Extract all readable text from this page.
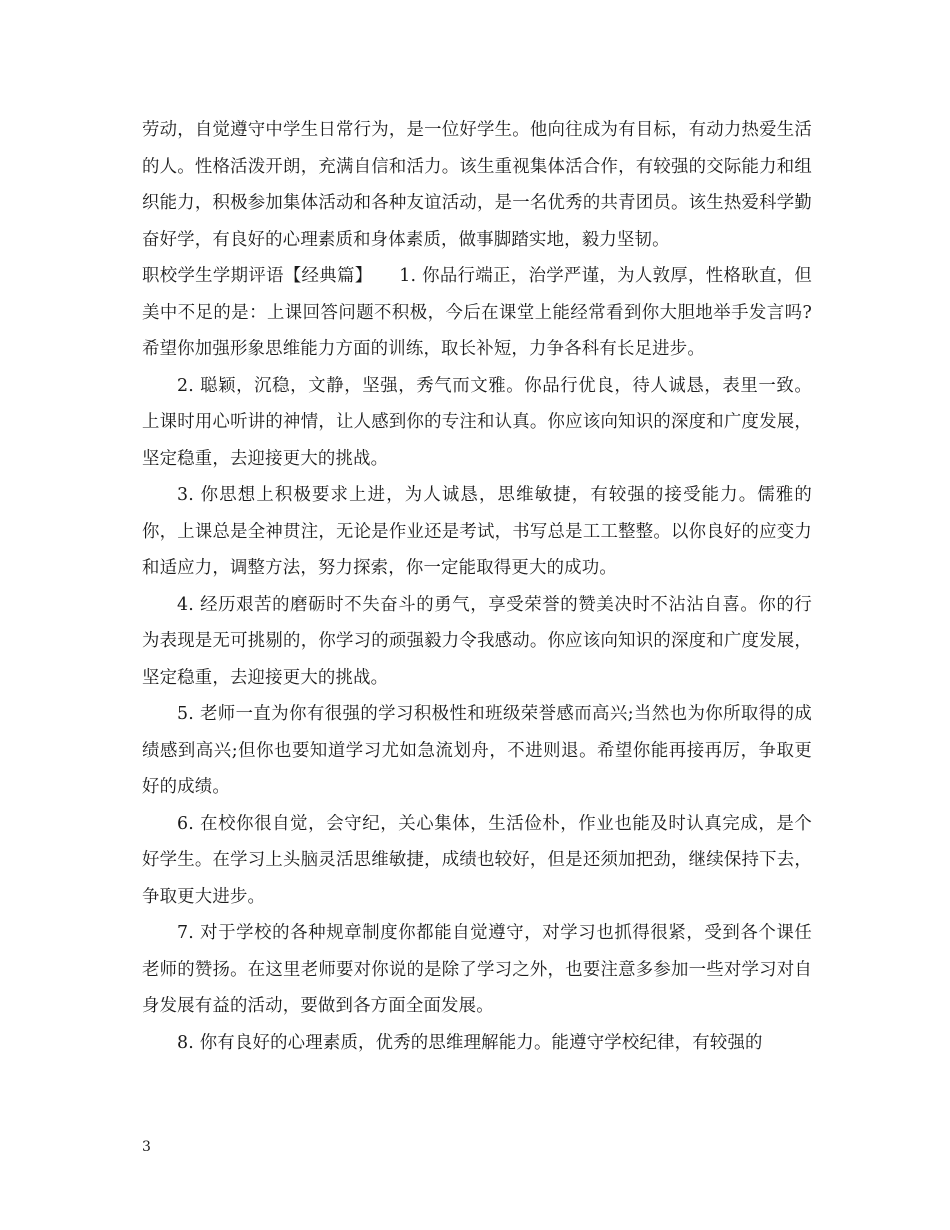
劳动，自觉遵守中学生日常行为，是一位好学生。他向往成为有目标，有动力热爱生活的人。性格活泼开朗，充满自信和活力。该生重视集体活合作，有较强的交际能力和组织能力，积极参加集体活动和各种友谊活动，是一名优秀的共青团员。该生热爱科学勤奋好学，有良好的心理素质和身体素质，做事脚踏实地，毅力坚韧。

职校学生学期评语【经典篇】　　1. 你品行端正，治学严谨，为人敦厚，性格耿直，但美中不足的是：上课回答问题不积极，今后在课堂上能经常看到你大胆地举手发言吗?希望你加强形象思维能力方面的训练，取长补短，力争各科有长足进步。

2. 聪颖，沉稳，文静，坚强，秀气而文雅。你品行优良，待人诚恳，表里一致。上课时用心听讲的神情，让人感到你的专注和认真。你应该向知识的深度和广度发展，坚定稳重，去迎接更大的挑战。

3. 你思想上积极要求上进，为人诚恳，思维敏捷，有较强的接受能力。儒雅的你，上课总是全神贯注，无论是作业还是考试，书写总是工工整整。以你良好的应变力和适应力，调整方法，努力探索，你一定能取得更大的成功。

4. 经历艰苦的磨砺时不失奋斗的勇气，享受荣誉的赞美决时不沾沾自喜。你的行为表现是无可挑剔的，你学习的顽强毅力令我感动。你应该向知识的深度和广度发展，坚定稳重，去迎接更大的挑战。

5. 老师一直为你有很强的学习积极性和班级荣誉感而高兴;当然也为你所取得的成绩感到高兴;但你也要知道学习尤如急流划舟，不进则退。希望你能再接再厉，争取更好的成绩。

6. 在校你很自觉，会守纪，关心集体，生活俭朴，作业也能及时认真完成，是个好学生。在学习上头脑灵活思维敏捷，成绩也较好，但是还须加把劲，继续保持下去，争取更大进步。

7. 对于学校的各种规章制度你都能自觉遵守，对学习也抓得很紧，受到各个课任老师的赞扬。在这里老师要对你说的是除了学习之外，也要注意多参加一些对学习对自身发展有益的活动，要做到各方面全面发展。

8. 你有良好的心理素质，优秀的思维理解能力。能遵守学校纪律，有较强的

3
